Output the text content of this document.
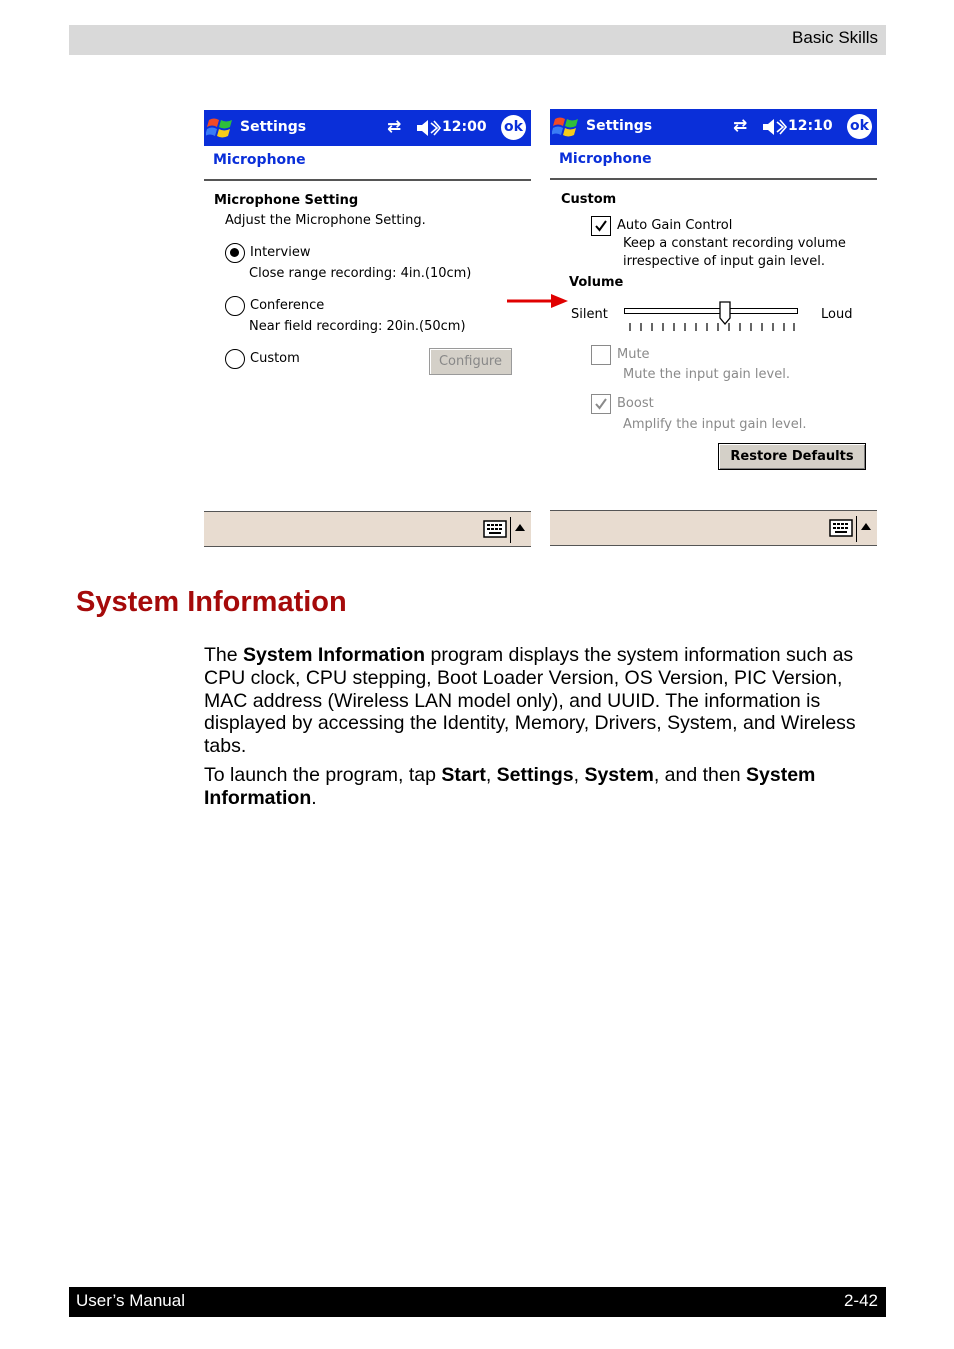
Basic Skills
Settings	⇄	12:00 ok
Microphone
Microphone Setting
Adjust the Microphone Setting.
Interview
Close range recording: 4in.(10cm)
Conference
Near field recording: 20in.(50cm)
Custom	Configure
Settings	⇄	12:10 ok
Microphone
Custom
Auto Gain Control
Keep a constant recording volume
irrespective of input gain level.
Volume
Silent	Loud
Mute
Mute the input gain level.
Boost
Amplify the input gain level.
Restore Defaults
System Information

The System Information program displays the system information such as CPU clock, CPU stepping, Boot Loader Version, OS Version, PIC Version, MAC address (Wireless LAN model only), and UUID. The information is displayed by accessing the Identity, Memory, Drivers, System, and Wireless tabs.

To launch the program, tap Start, Settings, System, and then System Information.

User’s Manual	2-42
